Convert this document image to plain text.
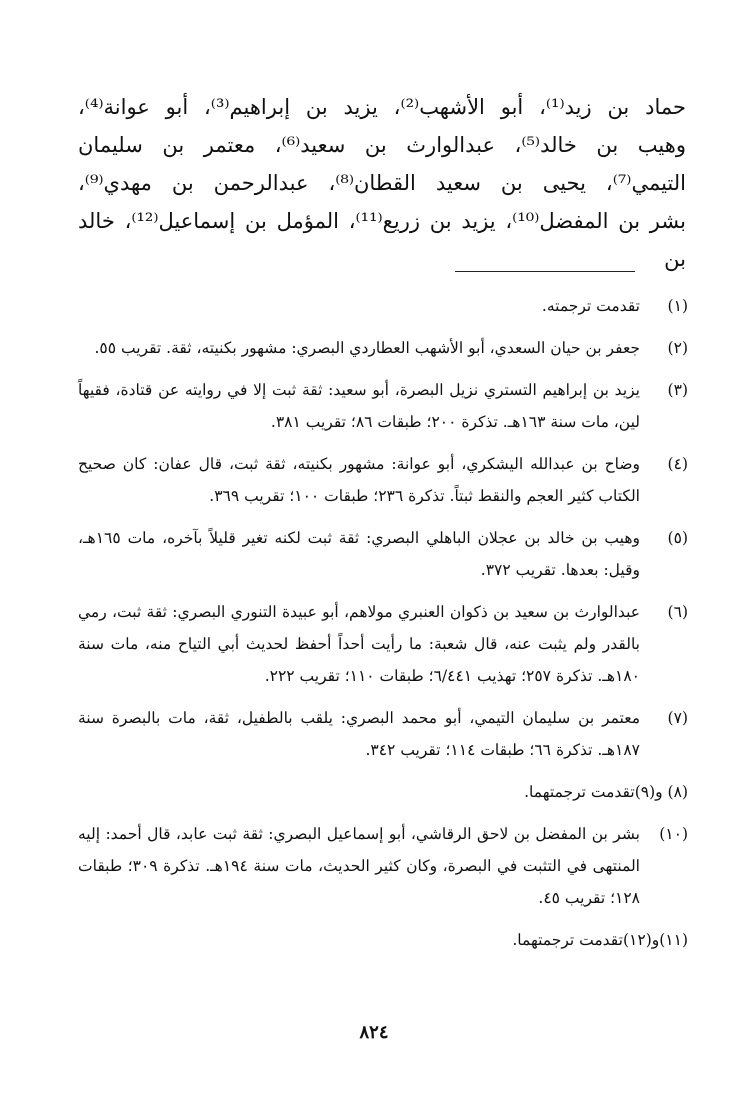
حماد بن زيد⁽¹⁾، أبو الأشهب⁽²⁾، يزيد بن إبراهيم⁽³⁾، أبو عوانة⁽⁴⁾،
وهيب بن خالد⁽⁵⁾، عبدالوارث بن سعيد⁽⁶⁾، معتمر بن سليمان
التيمي⁽⁷⁾، يحيى بن سعيد القطان⁽⁸⁾، عبدالرحمن بن مهدي⁽⁹⁾،
بشر بن المفضل⁽¹⁰⁾، يزيد بن زريع⁽¹¹⁾، المؤمل بن إسماعيل⁽¹²⁾، خالد بن
(١)
تقدمت ترجمته.
(٢)
جعفر بن حيان السعدي، أبو الأشهب العطاردي البصري: مشهور بكنيته، ثقة. تقريب ٥٥.
(٣)
يزيد بن إبراهيم التستري نزيل البصرة، أبو سعيد: ثقة ثبت إلا في روايته عن قتادة، فقيهاً لين، مات سنة ١٦٣هـ. تذكرة ٢٠٠؛ طبقات ٨٦؛ تقريب ٣٨١.
(٤)
وضاح بن عبدالله اليشكري، أبو عوانة: مشهور بكنيته، ثقة ثبت، قال عفان: كان صحيح الكتاب كثير العجم والنقط ثبتاً. تذكرة ٢٣٦؛ طبقات ١٠٠؛ تقريب ٣٦٩.
(٥)
وهيب بن خالد بن عجلان الباهلي البصري: ثقة ثبت لكنه تغير قليلاً بآخره، مات ١٦٥هـ، وقيل: بعدها. تقريب ٣٧٢.
(٦)
عبدالوارث بن سعيد بن ذكوان العنبري مولاهم، أبو عبيدة التنوري البصري: ثقة ثبت، رمي بالقدر ولم يثبت عنه، قال شعبة: ما رأيت أحداً أحفظ لحديث أبي التياح منه، مات سنة ١٨٠هـ. تذكرة ٢٥٧؛ تهذيب ٦/٤٤١؛ طبقات ١١٠؛ تقريب ٢٢٢.
(٧)
معتمر بن سليمان التيمي، أبو محمد البصري: يلقب بالطفيل، ثقة، مات بالبصرة سنة ١٨٧هـ. تذكرة ٦٦؛ طبقات ١١٤؛ تقريب ٣٤٢.
(٨) و(٩)
تقدمت ترجمتهما.
(١٠)
بشر بن المفضل بن لاحق الرقاشي، أبو إسماعيل البصري: ثقة ثبت عابد، قال أحمد: إليه المنتهى في التثبت في البصرة، وكان كثير الحديث، مات سنة ١٩٤هـ. تذكرة ٣٠٩؛ طبقات ١٢٨؛ تقريب ٤٥.
(١١)و(١٢)
تقدمت ترجمتهما.
٨٢٤
